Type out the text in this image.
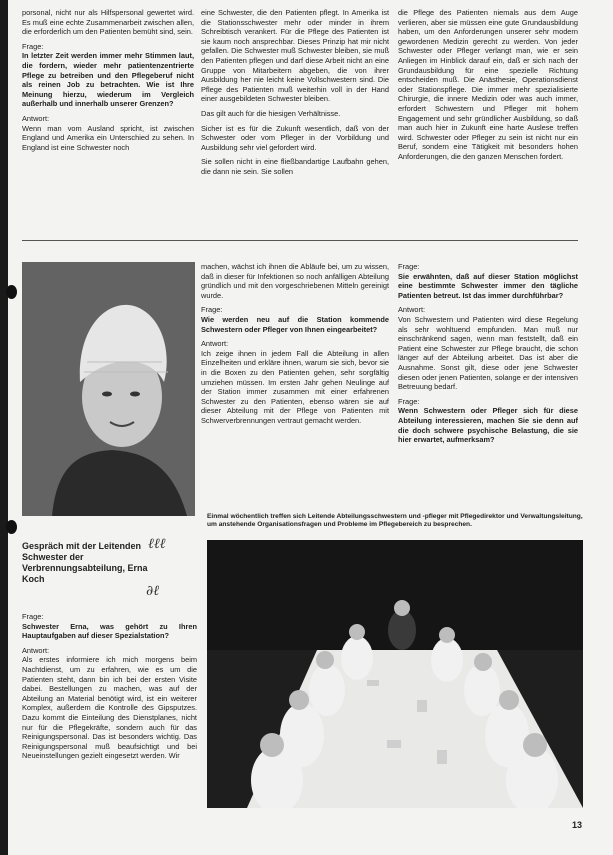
porsonal, nicht nur als Hilfspersonal gewertet wird. Es muß eine echte Zusammenarbeit zwischen allen, die erforderlich um den Patienten bemüht sind, sein.

Frage:

In letzter Zeit werden immer mehr Stimmen laut, die fordern, wieder mehr patientenzentrierte Pflege zu betreiben und den Pflegeberuf nicht als reinen Job zu betrachten. Wie ist Ihre Meinung hierzu, wiederum im Vergleich außerhalb und innerhalb unserer Grenzen?

Antwort:

Wenn man vom Ausland spricht, ist zwischen England und Amerika ein Unterschied zu sehen. In England ist eine Schwester noch

eine Schwester, die den Patienten pflegt. In Amerika ist die Stationsschwester mehr oder minder in ihrem Schreibtisch verankert. Für die Pflege des Patienten ist sie kaum noch ansprechbar. Dieses Prinzip hat mir nicht gefallen. Die Schwester muß Schwester bleiben, sie muß den Patienten pflegen und darf diese Arbeit nicht an eine Gruppe von Mitarbeitern abgeben, die von ihrer Ausbildung her nie leicht keine Vollschwestern sind. Die Pflege des Patienten muß weiterhin voll in der Hand einer ausgebildeten Schwester bleiben.

Das gilt auch für die hiesigen Verhältnisse.

Sicher ist es für die Zukunft wesentlich, daß von der Schwester oder vom Pfleger in der Vorbildung und Ausbildung sehr viel gefordert wird.

Sie sollen nicht in eine fließbandartige Laufbahn gehen, die dann nie sein. Sie sollen

die Pflege des Patienten niemals aus dem Auge verlieren, aber sie müssen eine gute Grundausbildung haben, um den Anforderungen unserer sehr modern gewordenen Medizin gerecht zu werden. Von jeder Schwester oder Pfleger verlangt man, wie er sein Anliegen im Hinblick darauf ein, daß er sich nach der Grundausbildung für eine spezielle Richtung entscheiden muß. Die Anästhesie, Operationsdienst oder Stationspflege. Die immer mehr spezialisierte Chirurgie, die innere Medizin oder was auch immer, erfordert Schwestern und Pfleger mit hohem Engagement und sehr gründlicher Ausbildung, so daß man auch hier in Zukunft eine harte Auslese treffen wird. Schwester oder Pfleger zu sein ist nicht nur ein Beruf, sondern eine Tätigkeit mit besonders hohen Anforderungen, die den ganzen Menschen fordert.

machen, wächst ich ihnen die Abläufe bei, um zu wissen, daß in dieser für Infektionen so noch anfälligen Abteilung gründlich und mit den vorgeschriebenen Mitteln gereinigt wurde.

Frage:

Wie werden neu auf die Station kommende Schwestern oder Pfleger von Ihnen eingearbeitet?

Antwort:

Ich zeige ihnen in jedem Fall die Abteilung in allen Einzelheiten und erkläre ihnen, warum sie sich, bevor sie in die Boxen zu den Patienten gehen, sehr sorgfältig umziehen müssen. Im ersten Jahr gehen Neulinge auf der Station immer zusammen mit einer erfahrenen Schwester zu den Patienten, ebenso wären sie auf dieser Abteilung mit der Pflege von Patienten mit Schwerverbrennungen vertraut gemacht werden.

Frage:

Sie erwähnten, daß auf dieser Station möglichst eine bestimmte Schwester immer den tägliche Patienten betreut. Ist das immer durchführbar?

Antwort:

Von Schwestern und Patienten wird diese Regelung als sehr wohltuend empfunden. Man muß nur einschränkend sagen, wenn man feststellt, daß ein Patient eine Schwester zur Pflege braucht, die schon länger auf der Abteilung arbeitet. Das ist aber die Ausnahme. Sonst gilt, diese oder jene Schwester diesen oder jenen Patienten, solange er der intensiven Betreuung bedarf.

Frage:

Wenn Schwestern oder Pfleger sich für diese Abteilung interessieren, machen Sie sie denn auf die doch schwere psychische Belastung, die sie hier erwartet, aufmerksam?

Einmal wöchentlich treffen sich Leitende Abteilungsschwestern und -pfleger mit Pflegedirektor und Verwaltungsleitung, um anstehende Organisationsfragen und Probleme im Pflegebereich zu besprechen.
Gespräch mit der Leitenden Schwester der Verbrennungsabteilung, Erna Koch
ℓℓℓ
∂ℓ
Frage:

Schwester Erna, was gehört zu Ihren Hauptaufgaben auf dieser Spezialstation?

Antwort:

Als erstes informiere ich mich morgens beim Nachtdienst, um zu erfahren, wie es um die Patienten steht, dann bin ich bei der ersten Visite dabei. Bestellungen zu machen, was auf der Abteilung an Material benötigt wird, ist ein weiterer Komplex, außerdem die Kontrolle des Gipsputzes. Dazu kommt die Einteilung des Dienstplanes, nicht nur für die Pflegekräfte, sondern auch für das Reinigungspersonal. Das ist besonders wichtig. Das Reinigungspersonal muß beaufsichtigt und bei Neueinstellungen gezielt eingesetzt werden. Wir

13
